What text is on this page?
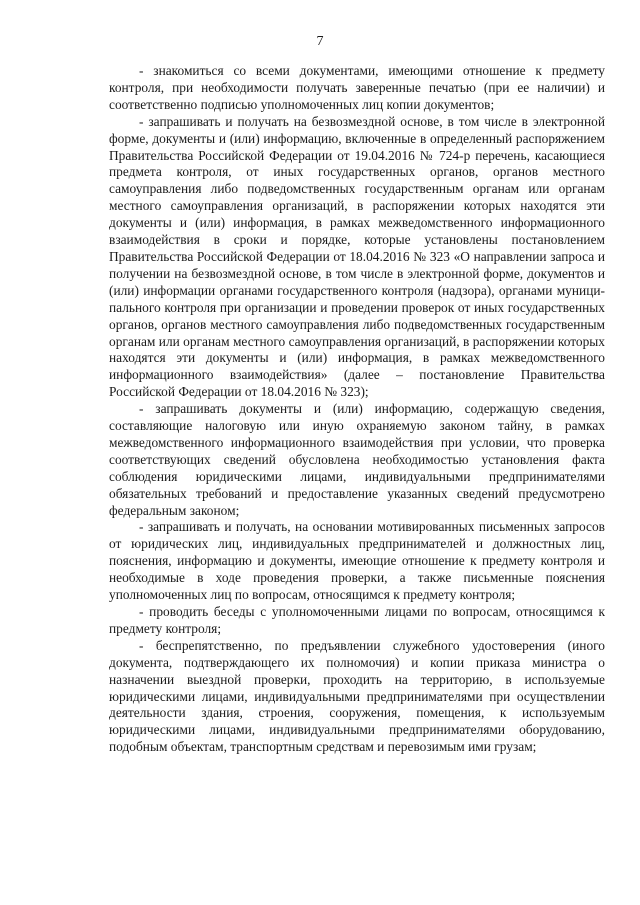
7

- знакомиться со всеми документами, имеющими отношение к предмету контроля, при необходимости получать заверенные печатью (при ее наличии) и соответственно подписью уполномоченных лиц копии документов;

- запрашивать и получать на безвозмездной основе, в том числе в электронной форме, документы и (или) информацию, включенные в определенный распоряжением Правительства Российской Федерации от 19.04.2016 № 724-р перечень, касающиеся предмета контроля, от иных государственных органов, органов местного самоуправления либо подведомственных государственным органам или органам местного самоуправления организаций, в распоряжении которых находятся эти документы и (или) информация, в рамках межведомственного информационного взаимодействия в сроки и порядке, которые установлены постановлением Правительства Российской Федерации от 18.04.2016 № 323 «О направлении запроса и получении на безвозмездной основе, в том числе в электронной форме, документов и (или) информации органами государственного контроля (надзора), органами муниципального контроля при организации и проведении проверок от иных государственных органов, органов местного самоуправления либо подведомственных государственным органам или органам местного самоуправления организаций, в распоряжении которых находятся эти документы и (или) информация, в рамках межведомственного информационного взаимодействия» (далее – постановление Правительства Российской Федерации от 18.04.2016 № 323);

- запрашивать документы и (или) информацию, содержащую сведения, составляющие налоговую или иную охраняемую законом тайну, в рамках межведомственного информационного взаимодействия при условии, что проверка соответствующих сведений обусловлена необходимостью установления факта соблюдения юридическими лицами, индивидуальными предпринимателями обязательных требований и предоставление указанных сведений предусмотрено федеральным законом;

- запрашивать и получать, на основании мотивированных письменных запросов от юридических лиц, индивидуальных предпринимателей и должностных лиц, пояснения, информацию и документы, имеющие отношение к предмету контроля и необходимые в ходе проведения проверки, а также письменные пояснения уполномоченных лиц по вопросам, относящимся к предмету контроля;

- проводить беседы с уполномоченными лицами по вопросам, относящимся к предмету контроля;

- беспрепятственно, по предъявлении служебного удостоверения (иного документа, подтверждающего их полномочия) и копии приказа министра о назначении выездной проверки, проходить на территорию, в используемые юридическими лицами, индивидуальными предпринимателями при осуществлении деятельности здания, строения, сооружения, помещения, к используемым юридическими лицами, индивидуальными предпринимателями оборудованию, подобным объектам, транспортным средствам и перевозимым ими грузам;
